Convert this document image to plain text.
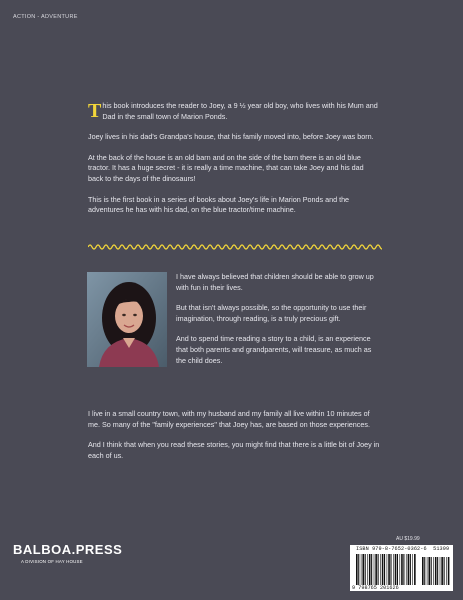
ACTION - ADVENTURE

This book introduces the reader to Joey, a 9 ½ year old boy, who lives with his Mum and Dad in the small town of Marion Ponds.

Joey lives in his dad's Grandpa's house, that his family moved into, before Joey was born.

At the back of the house is an old barn and on the side of the barn there is an old blue tractor. It has a huge secret - it is really a time machine, that can take Joey and his dad back to the days of the dinosaurs!

This is the first book in a series of books about Joey's life in Marion Ponds and the adventures he has with his dad, on the blue tractor/time machine.

I have always believed that children should be able to grow up with fun in their lives.

But that isn't always possible, so the opportunity to use their imagination, through reading, is a truly precious gift.

And to spend time reading a story to a child, is an experience that both parents and grandparents, will treasure, as much as the child does.

I live in a small country town, with my husband and my family all live within 10 minutes of me. So many of the "family experiences" that Joey has, are based on those experiences.

And I think that when you read these stories, you might find that there is a little bit of Joey in each of us.

BALBOA.PRESS
A DIVISION OF HAY HOUSE
AU $19.99
ISBN 979-8-7652-0362-6 51399
9 798765 201626
